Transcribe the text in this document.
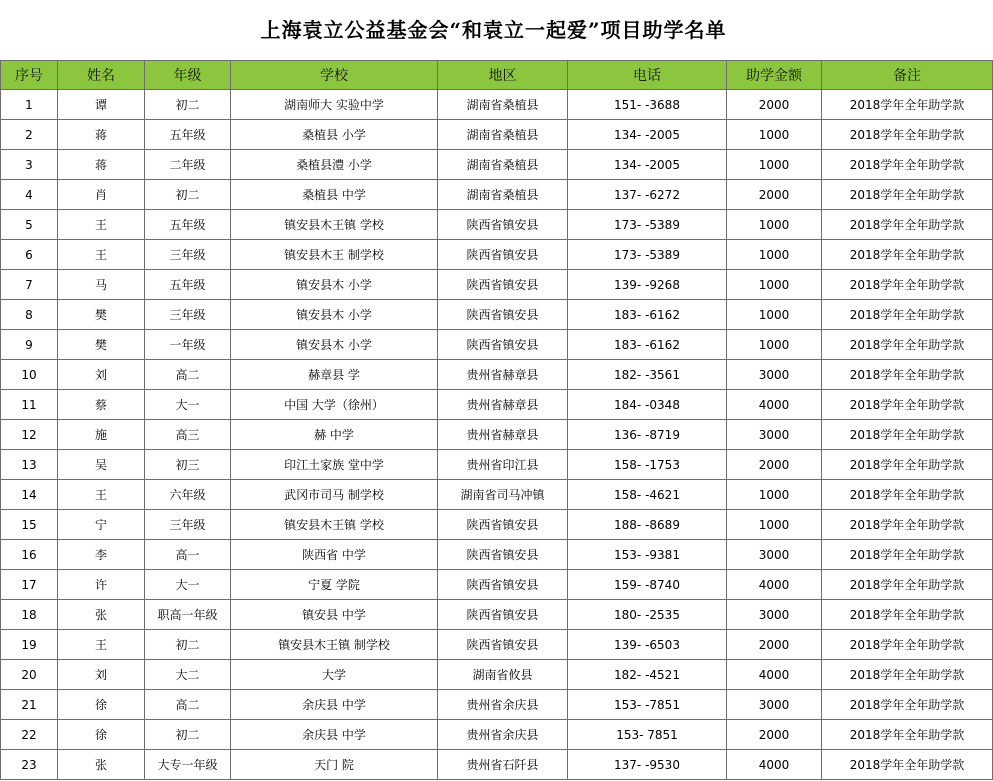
上海袁立公益基金会“和袁立一起爱”项目助学名单
序号	姓名	年级	学校	地区	电话	助学金额	备注
1	谭	初二	湖南师大 实验中学	湖南省桑植县	151- -3688	2000	2018学年全年助学款
2	蒋	五年级	桑植县 小学	湖南省桑植县	134- -2005	1000	2018学年全年助学款
3	蒋	二年级	桑植县澧 小学	湖南省桑植县	134- -2005	1000	2018学年全年助学款
4	肖	初二	桑植县 中学	湖南省桑植县	137- -6272	2000	2018学年全年助学款
5	王	五年级	镇安县木王镇 学校	陕西省镇安县	173- -5389	1000	2018学年全年助学款
6	王	三年级	镇安县木王 制学校	陕西省镇安县	173- -5389	1000	2018学年全年助学款
7	马	五年级	镇安县木 小学	陕西省镇安县	139- -9268	1000	2018学年全年助学款
8	樊	三年级	镇安县木 小学	陕西省镇安县	183- -6162	1000	2018学年全年助学款
9	樊	一年级	镇安县木 小学	陕西省镇安县	183- -6162	1000	2018学年全年助学款
10	刘	高二	赫章县 学	贵州省赫章县	182- -3561	3000	2018学年全年助学款
11	蔡	大一	中国 大学（徐州）	贵州省赫章县	184- -0348	4000	2018学年全年助学款
12	施	高三	赫 中学	贵州省赫章县	136- -8719	3000	2018学年全年助学款
13	吴	初三	印江土家族 堂中学	贵州省印江县	158- -1753	2000	2018学年全年助学款
14	王	六年级	武冈市司马 制学校	湖南省司马冲镇	158- -4621	1000	2018学年全年助学款
15	宁	三年级	镇安县木王镇 学校	陕西省镇安县	188- -8689	1000	2018学年全年助学款
16	李	高一	陕西省 中学	陕西省镇安县	153- -9381	3000	2018学年全年助学款
17	许	大一	宁夏 学院	陕西省镇安县	159- -8740	4000	2018学年全年助学款
18	张	职高一年级	镇安县 中学	陕西省镇安县	180- -2535	3000	2018学年全年助学款
19	王	初二	镇安县木王镇 制学校	陕西省镇安县	139- -6503	2000	2018学年全年助学款
20	刘	大二	大学	湖南省攸县	182- -4521	4000	2018学年全年助学款
21	徐	高二	余庆县 中学	贵州省余庆县	153- -7851	3000	2018学年全年助学款
22	徐	初二	余庆县 中学	贵州省余庆县	153- 7851	2000	2018学年全年助学款
23	张	大专一年级	天门 院	贵州省石阡县	137- -9530	4000	2018学年全年助学款
